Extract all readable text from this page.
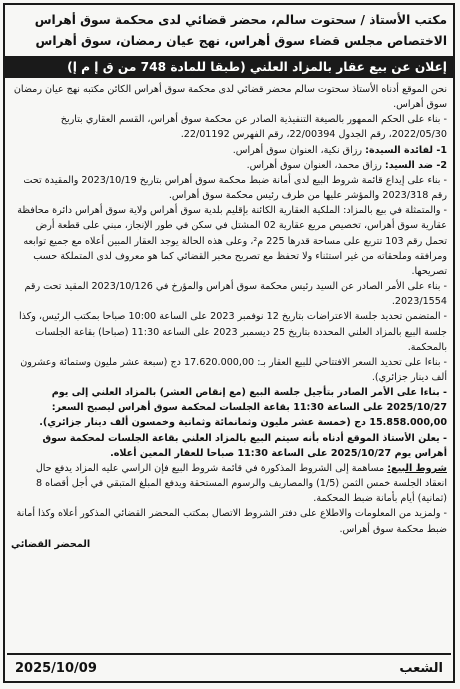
مكتب الأستاذ / سحتوت سالم، محضر قضائي لدى محكمة سوق أهراس
الاختصاص مجلس قضاء سوق أهراس، نهج عيان رمضان، سوق أهراس
إعلان عن بيع عقار بالمزاد العلني (طبقا للمادة 748 من ق إ م إ)

نحن الموقع أدناه الأستاذ سحتوت سالم محضر قضائي لدى محكمة سوق أهراس الكائن مكتبه نهج عيان رمضان سوق أهراس.

- بناء على الحكم الممهور بالصيغة التنفيذية الصادر عن محكمة سوق أهراس، القسم العقاري بتاريخ 2022/05/30، رقم الجدول 22/00394، رقم الفهرس 22/01192.

1- لفائدة السيدة: رزاق نكية، العنوان سوق أهراس.

2- ضد السيد: رزاق محمد، العنوان سوق أهراس.

- بناء على إيداع قائمة شروط البيع لدى أمانة ضبط محكمة سوق أهراس بتاريخ 2023/10/19 والمقيدة تحت رقم 2023/318 والمؤشر عليها من طرف رئيس محكمة سوق أهراس.

- والمتمثلة في بيع بالمزاد: الملكية العقارية الكائنة بإقليم بلدية سوق أهراس ولاية سوق أهراس دائرة محافظة عقارية سوق أهراس، تخصيص مريع عقارية 02 المشتل في سكن في طور الإنجاز، مبني على قطعة أرض تحمل رقم 103 تتربع على مساحة قدرها 225 م²، وعلى هذه الحالة يوجد العقار المبين أعلاه مع جميع توابعه ومرافقه وملحقاته من غير استثناء ولا تحفظ مع تصريح مخبر القضائي كما هو معروف لدى المتملكة حسب تصريحها.

- بناء على الأمر الصادر عن السيد رئيس محكمة سوق أهراس والمؤرخ في 2023/10/126 المقيد تحت رقم 2023/1554.

- المتضمن تحديد جلسة الاعتراضات بتاريخ 12 نوفمبر 2023 على الساعة 10:00 صباحا بمكتب الرئيس، وكذا جلسة البيع بالمزاد العلني المحددة بتاريخ 25 ديسمبر 2023 على الساعة 11:30 (صباحا) بقاعة الجلسات بالمحكمة.

- بناءا على تحديد السعر الافتتاحي للبيع العقار بـ: 17.620.000,00 دج (سبعة عشر مليون وستمائة وعشرون ألف دينار جزائري).

- بناءا على الأمر الصادر بتأجيل جلسة البيع (مع إنقاص العشر) بالمزاد العلني إلى يوم 2025/10/27 على الساعة 11:30 بقاعة الجلسات لمحكمة سوق أهراس ليصبح السعر: 15.858.000,00 دج (خمسة عشر مليون وثمانمائة وثمانية وخمسون ألف دينار جزائري).

- يعلن الأستاذ الموقع أدناه بأنه سيتم البيع بالمزاد العلني بقاعة الجلسات لمحكمة سوق أهراس يوم 2025/10/27 على الساعة 11:30 صباحا للعقار المعين أعلاه.

شروط البيع: مساهمة إلى الشروط المذكورة في قائمة شروط البيع فإن الراسي عليه المزاد يدفع حال انعقاد الجلسة خمس الثمن (1/5) والمصاريف والرسوم المستحقة ويدفع المبلغ المتبقي في أجل أقصاه 8 (ثمانية) أيام بأمانة ضبط المحكمة.

- ولمزيد من المعلومات والاطلاع على دفتر الشروط الاتصال بمكتب المحضر القضائي المذكور أعلاه وكذا أمانة ضبط محكمة سوق أهراس.

المحضر القضائي
الشعب
2025/10/09
